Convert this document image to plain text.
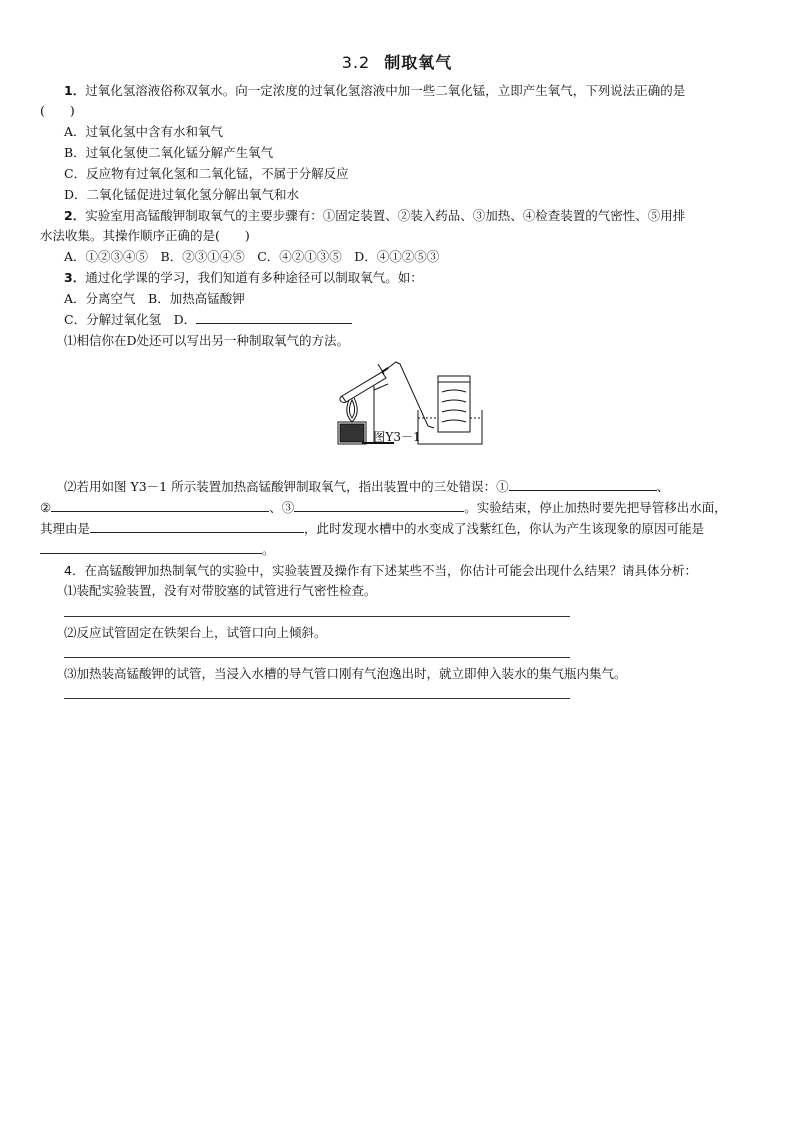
3.2 制取氧气
1．过氧化氢溶液俗称双氧水。向一定浓度的过氧化氢溶液中加一些二氧化锰，立即产生氧气，下列说法正确的是
(　　)
A．过氧化氢中含有水和氧气
B．过氧化氢使二氧化锰分解产生氧气
C．反应物有过氧化氢和二氧化锰，不属于分解反应
D．二氧化锰促进过氧化氢分解出氧气和水
2．实验室用高锰酸钾制取氧气的主要步骤有：①固定装置、②装入药品、③加热、④检查装置的气密性、⑤用排
水法收集。其操作顺序正确的是(　　)
A．①②③④⑤　B．②③①④⑤　C．④②①③⑤　D．④①②⑤③
3．通过化学课的学习，我们知道有多种途径可以制取氧气。如：
A．分离空气　B．加热高锰酸钾
C．分解过氧化氢　D．
⑴相信你在D处还可以写出另一种制取氧气的方法。
图Y3－1
⑵若用如图 Y3－1 所示装置加热高锰酸钾制取氧气，指出装置中的三处错误：①	、
②	、③	。实验结束，停止加热时要先把导管移出水面，
其理由是	，此时发现水槽中的水变成了浅紫红色，你认为产生该现象的原因可能是
。
4．在高锰酸钾加热制氧气的实验中，实验装置及操作有下述某些不当，你估计可能会出现什么结果？请具体分析：
⑴装配实验装置，没有对带胶塞的试管进行气密性检查。
⑵反应试管固定在铁架台上，试管口向上倾斜。
⑶加热装高锰酸钾的试管，当浸入水槽的导气管口刚有气泡逸出时，就立即伸入装水的集气瓶内集气。
